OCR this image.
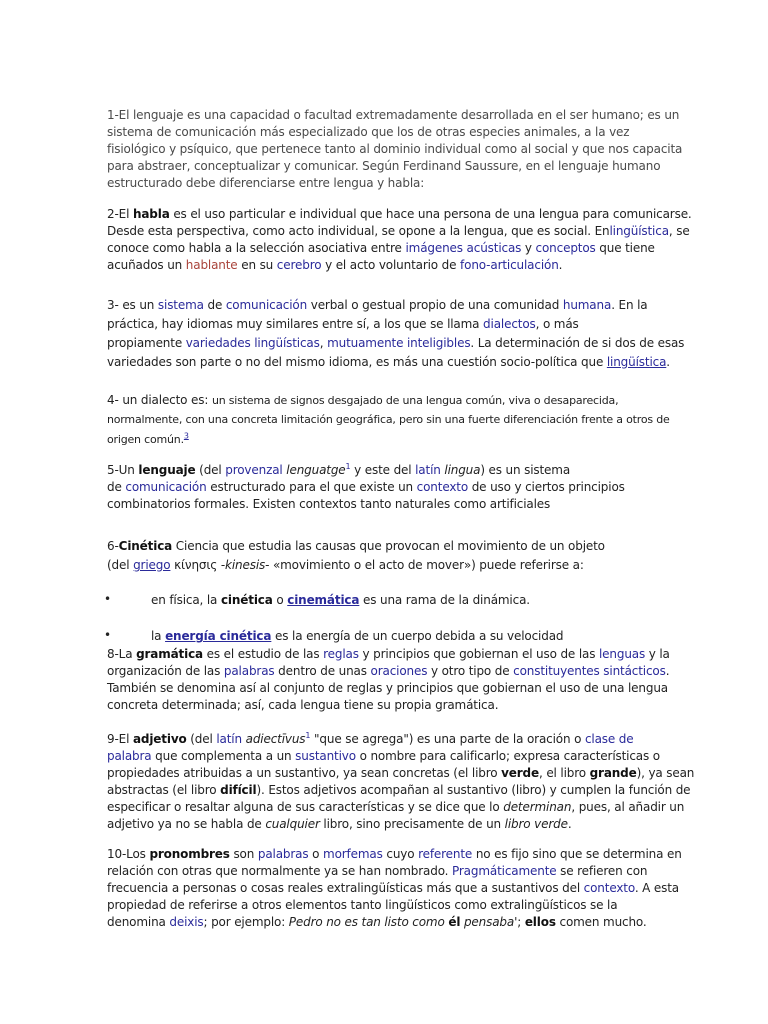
1-El lenguaje es una capacidad o facultad extremadamente desarrollada en el ser humano; es un
sistema de comunicación más especializado que los de otras especies animales, a la vez
fisiológico y psíquico, que pertenece tanto al dominio individual como al social y que nos capacita
para abstraer, conceptualizar y comunicar. Según Ferdinand Saussure, en el lenguaje humano
estructurado debe diferenciarse entre lengua y habla:
2-El habla es el uso particular e individual que hace una persona de una lengua para comunicarse.
Desde esta perspectiva, como acto individual, se opone a la lengua, que es social. Enlingüística, se
conoce como habla a la selección asociativa entre imágenes acústicas y conceptos que tiene
acuñados un hablante en su cerebro y el acto voluntario de fono-articulación.
3- es un sistema de comunicación verbal o gestual propio de una comunidad humana. En la
práctica, hay idiomas muy similares entre sí, a los que se llama dialectos, o más
propiamente variedades lingüísticas, mutuamente inteligibles. La determinación de si dos de esas
variedades son parte o no del mismo idioma, es más una cuestión socio-política que lingüística.
4- un dialecto es: un sistema de signos desgajado de una lengua común, viva o desaparecida,
normalmente, con una concreta limitación geográfica, pero sin una fuerte diferenciación frente a otros de
origen común.$^3$
5-Un lenguaje (del provenzal lenguatge$^1$ y este del latín lingua) es un sistema
de comunicación estructurado para el que existe un contexto de uso y ciertos principios
combinatorios formales. Existen contextos tanto naturales como artificiales
6-Cinética Ciencia que estudia las causas que provocan el movimiento de un objeto
(del griego κίνησις -kinesis- «movimiento o el acto de mover») puede referirse a:
•	en física, la cinética o cinemática es una rama de la dinámica.
•	la energía cinética es la energía de un cuerpo debida a su velocidad
8-La gramática es el estudio de las reglas y principios que gobiernan el uso de las lenguas y la
organización de las palabras dentro de unas oraciones y otro tipo de constituyentes sintácticos.
También se denomina así al conjunto de reglas y principios que gobiernan el uso de una lengua
concreta determinada; así, cada lengua tiene su propia gramática.
9-El adjetivo (del latín adiectīvus$^1$ "que se agrega") es una parte de la oración o clase de
palabra que complementa a un sustantivo o nombre para calificarlo; expresa características o
propiedades atribuidas a un sustantivo, ya sean concretas (el libro verde, el libro grande), ya sean
abstractas (el libro difícil). Estos adjetivos acompañan al sustantivo (libro) y cumplen la función de
especificar o resaltar alguna de sus características y se dice que lo determinan, pues, al añadir un
adjetivo ya no se habla de cualquier libro, sino precisamente de un libro verde.
10-Los pronombres son palabras o morfemas cuyo referente no es fijo sino que se determina en
relación con otras que normalmente ya se han nombrado. Pragmáticamente se refieren con
frecuencia a personas o cosas reales extralingüísticas más que a sustantivos del contexto. A esta
propiedad de referirse a otros elementos tanto lingüísticos como extralingüísticos se la
denomina deixis; por ejemplo: Pedro no es tan listo como él pensaba'; ellos comen mucho.
